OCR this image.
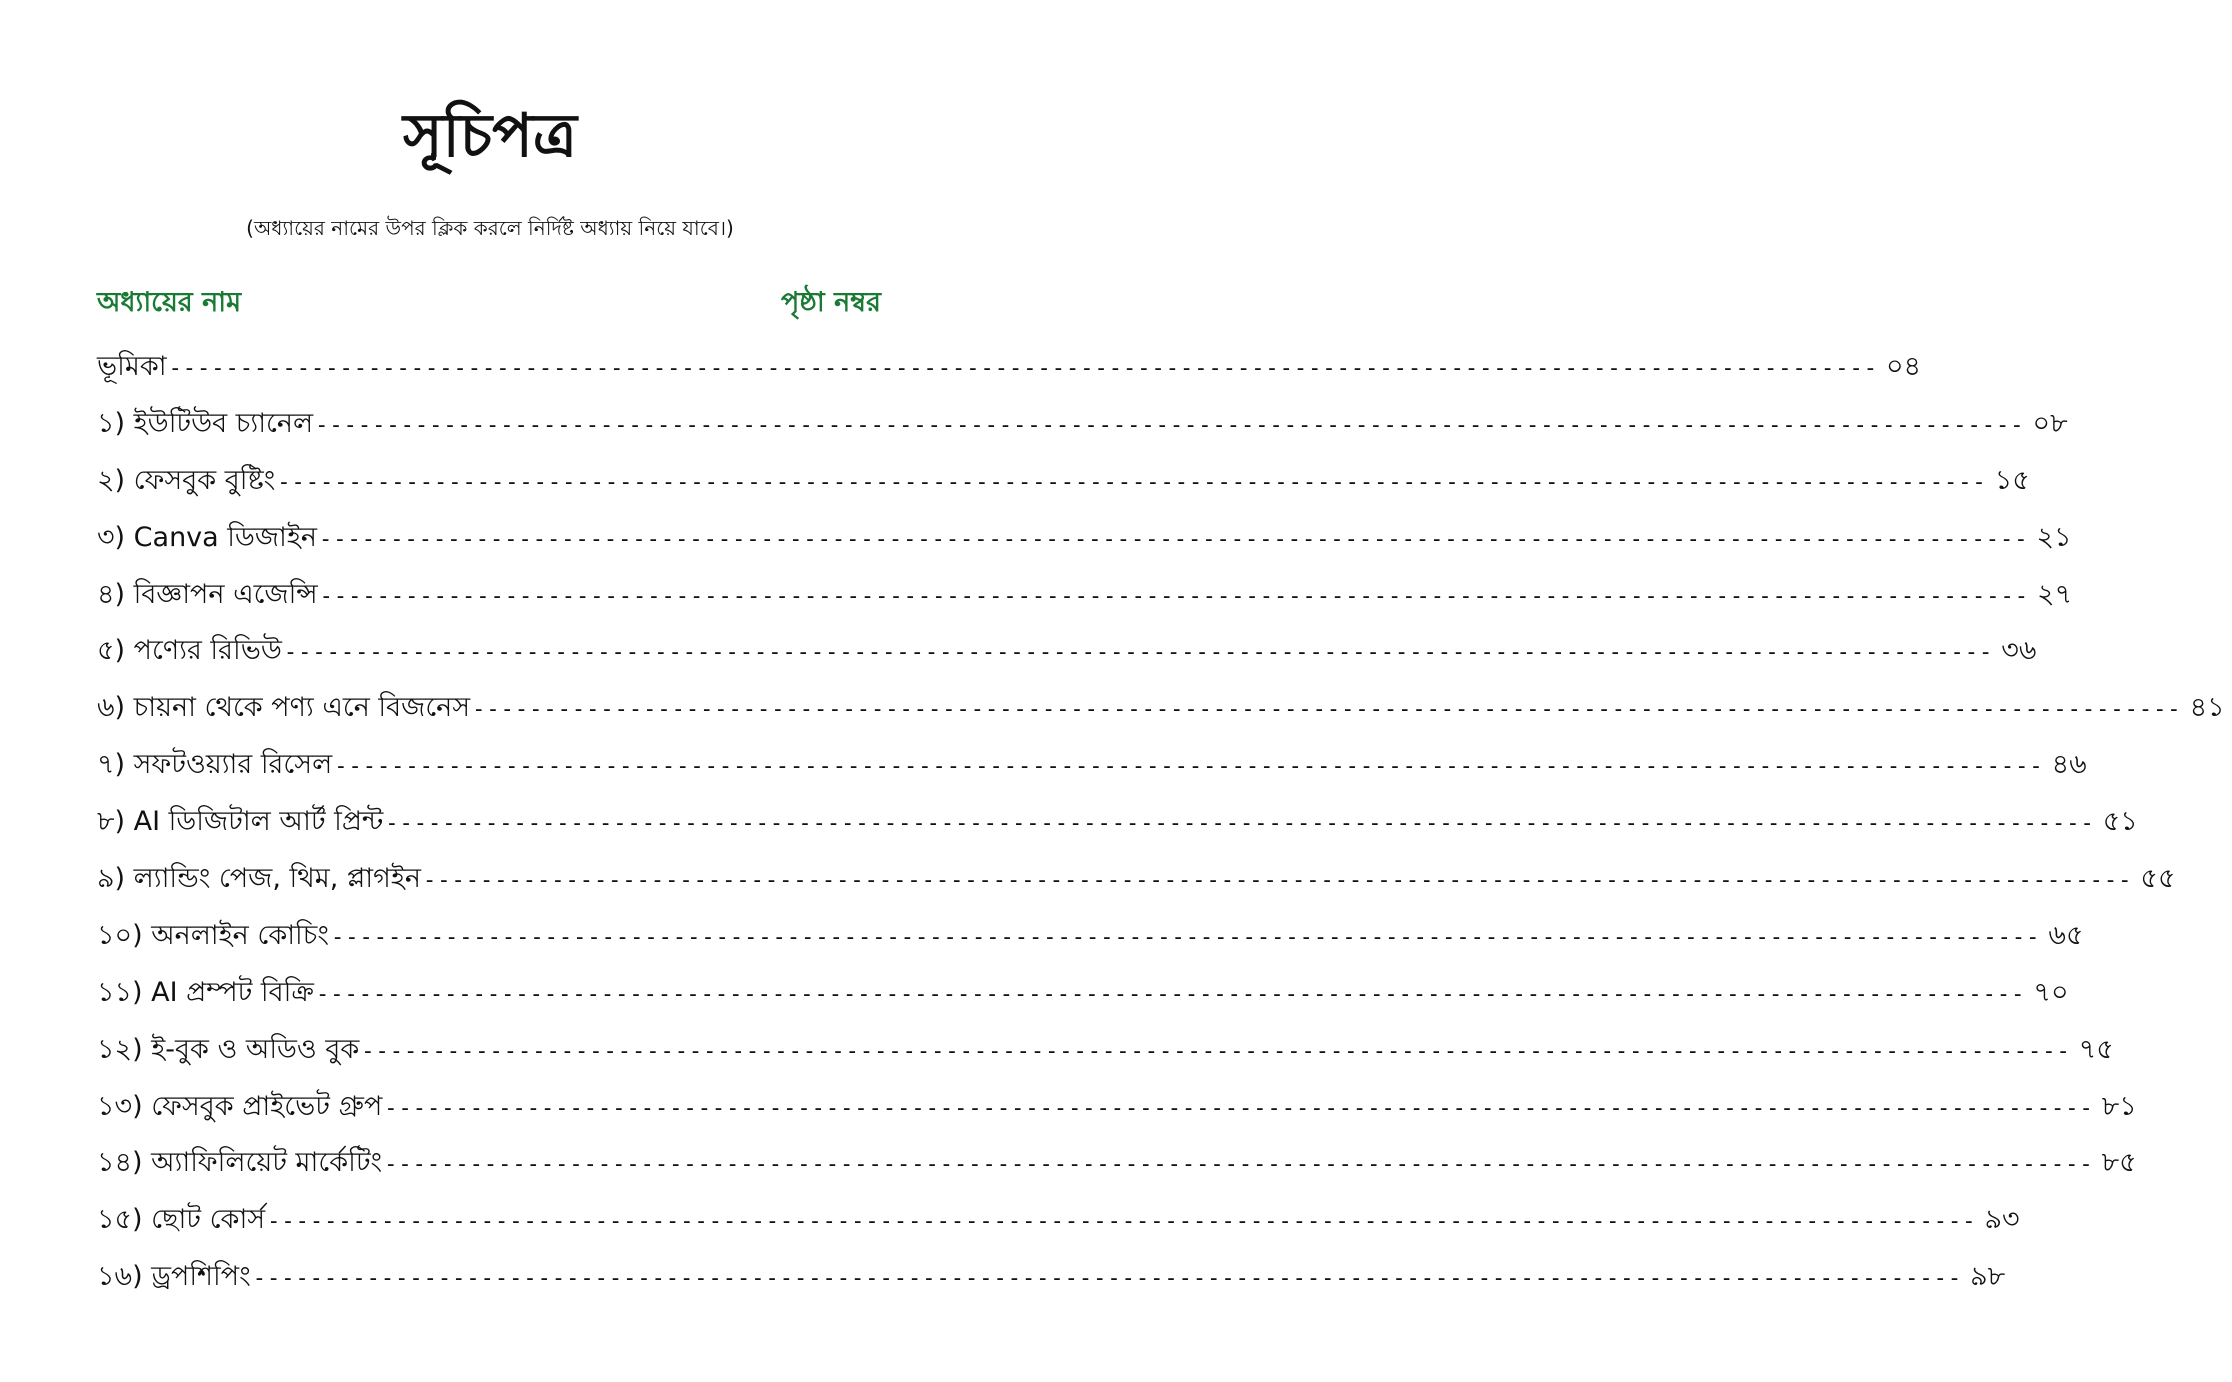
সূচিপত্র
(অধ্যায়ের নামের উপর ক্লিক করলে নির্দিষ্ট অধ্যায় নিয়ে যাবে।)
অধ্যায়ের নাম	পৃষ্ঠা নম্বর
ভূমিকা ------------------------------------------------------------------------------------------------------------------------ ০৪
১) ইউটিউব চ্যানেল ------------------------------------------------------------------------------------------------------------------------ ০৮
২) ফেসবুক বুষ্টিং ------------------------------------------------------------------------------------------------------------------------ ১৫
৩) Canva ডিজাইন ------------------------------------------------------------------------------------------------------------------------ ২১
৪) বিজ্ঞাপন এজেন্সি ------------------------------------------------------------------------------------------------------------------------ ২৭
৫) পণ্যের রিভিউ ------------------------------------------------------------------------------------------------------------------------ ৩৬
৬) চায়না থেকে পণ্য এনে বিজনেস ------------------------------------------------------------------------------------------------------------------------ ৪১
৭) সফটওয়্যার রিসেল ------------------------------------------------------------------------------------------------------------------------ ৪৬
৮) AI ডিজিটাল আর্ট প্রিন্ট ------------------------------------------------------------------------------------------------------------------------ ৫১
৯) ল্যান্ডিং পেজ, থিম, প্লাগইন ------------------------------------------------------------------------------------------------------------------------ ৫৫
১০) অনলাইন কোচিং ------------------------------------------------------------------------------------------------------------------------ ৬৫
১১) AI প্রম্পট বিক্রি ------------------------------------------------------------------------------------------------------------------------ ৭০
১২) ই-বুক ও অডিও বুক ------------------------------------------------------------------------------------------------------------------------ ৭৫
১৩) ফেসবুক প্রাইভেট গ্রুপ ------------------------------------------------------------------------------------------------------------------------ ৮১
১৪) অ্যাফিলিয়েট মার্কেটিং ------------------------------------------------------------------------------------------------------------------------ ৮৫
১৫) ছোট কোর্স ------------------------------------------------------------------------------------------------------------------------ ৯৩
১৬) ড্রপশিপিং ------------------------------------------------------------------------------------------------------------------------ ৯৮
